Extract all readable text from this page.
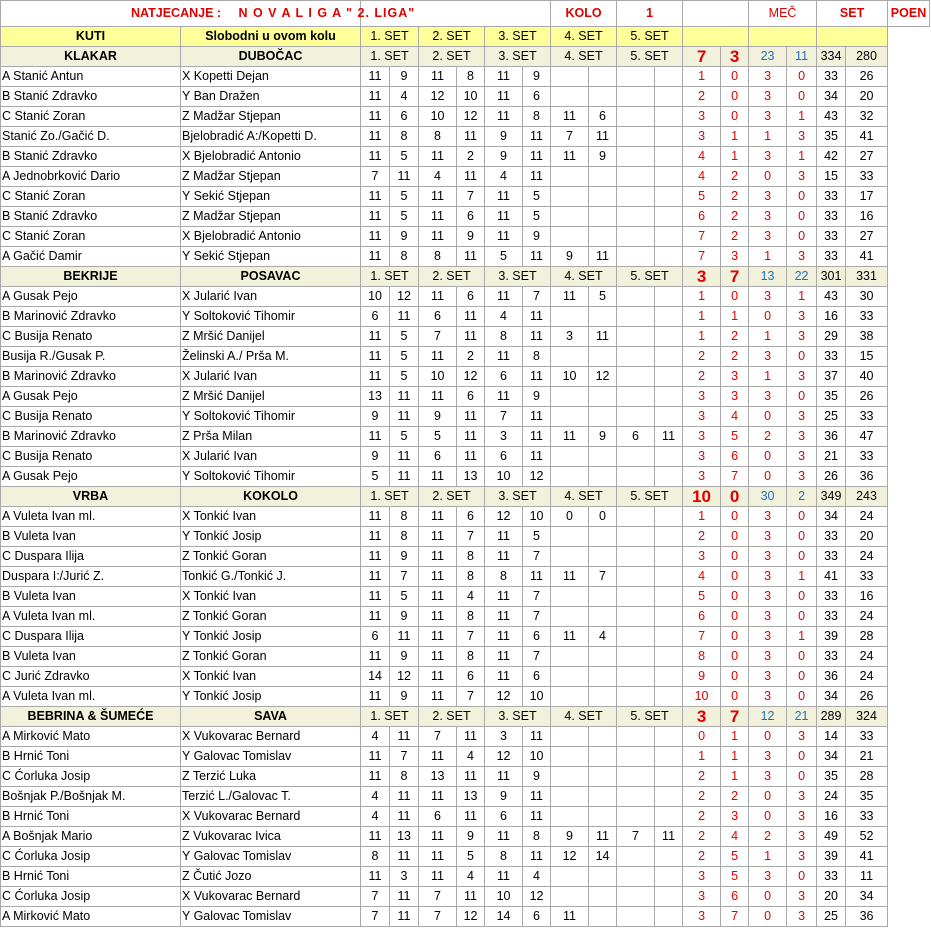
NATJECANJE : N O V A L I G A " 2. LIGA"								KOLO		1				MEČ		SET		POEN
KUTI	Slobodni u ovom kolu	1. SET		2. SET		3. SET		4. SET		5. SET								
KLAKAR	DUBOČAC	1. SET		2. SET		3. SET		4. SET		5. SET		7	3	23	11	334	280	
A Stanić Antun	X Kopetti Dejan	11	9	11	8	11	9					1	0	3	0	33	26	
B Stanić Zdravko	Y Ban Dražen	11	4	12	10	11	6					2	0	3	0	34	20	
C Stanić Zoran	Z Madžar Stjepan	11	6	10	12	11	8	11	6			3	0	3	1	43	32	
Stanić Zo./Gačić D.	Bjelobradić A:/Kopetti D.	11	8	8	11	9	11	7	11			3	1	1	3	35	41	
B Stanić Zdravko	X Bjelobradić Antonio	11	5	11	2	9	11	11	9			4	1	3	1	42	27	
A Jednobrković Dario	Z Madžar Stjepan	7	11	4	11	4	11					4	2	0	3	15	33	
C Stanić Zoran	Y Sekić Stjepan	11	5	11	7	11	5					5	2	3	0	33	17	
B Stanić Zdravko	Z Madžar Stjepan	11	5	11	6	11	5					6	2	3	0	33	16	
C Stanić Zoran	X Bjelobradić Antonio	11	9	11	9	11	9					7	2	3	0	33	27	
A Gačić Damir	Y Sekić Stjepan	11	8	8	11	5	11	9	11			7	3	1	3	33	41	
BEKRIJE	POSAVAC	1. SET		2. SET		3. SET		4. SET		5. SET		3	7	13	22	301	331	
A Gusak Pejo	X Jularić Ivan	10	12	11	6	11	7	11	5			1	0	3	1	43	30	
B Marinović Zdravko	Y Soltoković Tihomir	6	11	6	11	4	11					1	1	0	3	16	33	
C Busija Renato	Z Mršić Danijel	11	5	7	11	8	11	3	11			1	2	1	3	29	38	
Busija R./Gusak P.	Želinski A./ Prša M.	11	5	11	2	11	8					2	2	3	0	33	15	
B Marinović Zdravko	X Jularić Ivan	11	5	10	12	6	11	10	12			2	3	1	3	37	40	
A Gusak Pejo	Z Mršić Danijel	13	11	11	6	11	9					3	3	3	0	35	26	
C Busija Renato	Y Soltoković Tihomir	9	11	9	11	7	11					3	4	0	3	25	33	
B Marinović Zdravko	Z Prša Milan	11	5	5	11	3	11	11	9	6	11	3	5	2	3	36	47	
C Busija Renato	X Jularić Ivan	9	11	6	11	6	11					3	6	0	3	21	33	
A Gusak Pejo	Y Soltoković Tihomir	5	11	11	13	10	12					3	7	0	3	26	36	
VRBA	KOKOLO	1. SET		2. SET		3. SET		4. SET		5. SET		10	0	30	2	349	243	
A Vuleta Ivan ml.	X Tonkić Ivan	11	8	11	6	12	10	0	0			1	0	3	0	34	24	
B Vuleta Ivan	Y Tonkić Josip	11	8	11	7	11	5					2	0	3	0	33	20	
C Duspara Ilija	Z Tonkić Goran	11	9	11	8	11	7					3	0	3	0	33	24	
Duspara I:/Jurić Z.	Tonkić G./Tonkić J.	11	7	11	8	8	11	11	7			4	0	3	1	41	33	
B Vuleta Ivan	X Tonkić Ivan	11	5	11	4	11	7					5	0	3	0	33	16	
A Vuleta Ivan ml.	Z Tonkić Goran	11	9	11	8	11	7					6	0	3	0	33	24	
C Duspara Ilija	Y Tonkić Josip	6	11	11	7	11	6	11	4			7	0	3	1	39	28	
B Vuleta Ivan	Z Tonkić Goran	11	9	11	8	11	7					8	0	3	0	33	24	
C Jurić Zdravko	X Tonkić Ivan	14	12	11	6	11	6					9	0	3	0	36	24	
A Vuleta Ivan ml.	Y Tonkić Josip	11	9	11	7	12	10					10	0	3	0	34	26	
BEBRINA & ŠUMEĆE	SAVA	1. SET		2. SET		3. SET		4. SET		5. SET		3	7	12	21	289	324	
A Mirković Mato	X Vukovarac Bernard	4	11	7	11	3	11					0	1	0	3	14	33	
B Hrnić Toni	Y Galovac Tomislav	11	7	11	4	12	10					1	1	3	0	34	21	
C Ćorluka Josip	Z Terzić Luka	11	8	13	11	11	9					2	1	3	0	35	28	
Bošnjak P./Bošnjak M.	Terzić L./Galovac T.	4	11	11	13	9	11					2	2	0	3	24	35	
B Hrnić Toni	X Vukovarac Bernard	4	11	6	11	6	11					2	3	0	3	16	33	
A Bošnjak Mario	Z Vukovarac Ivica	11	13	11	9	11	8	9	11	7	11	2	4	2	3	49	52	
C Ćorluka Josip	Y Galovac Tomislav	8	11	11	5	8	11	12	14			2	5	1	3	39	41	
B Hrnić Toni	Z Čutić Jozo	11	3	11	4	11	4					3	5	3	0	33	11	
C Ćorluka Josip	X Vukovarac Bernard	7	11	7	11	10	12					3	6	0	3	20	34	
A Mirković Mato	Y Galovac Tomislav	7	11	7	12	14	6	11				3	7	0	3	25	36	
